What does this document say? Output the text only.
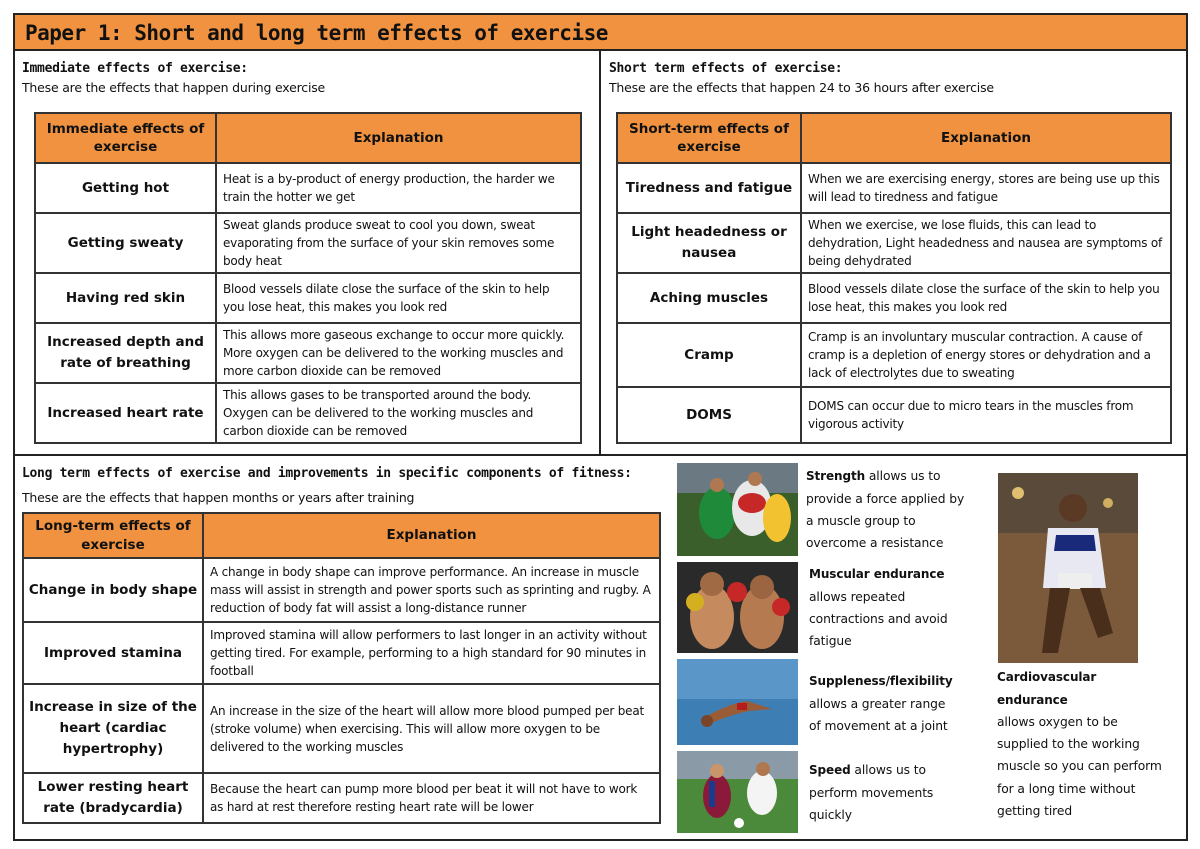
Paper 1: Short and long term effects of exercise
Immediate effects of exercise:
These are the effects that happen during exercise
Immediate effects of exercise	Explanation
Getting hot	Heat is a by-product of energy production, the harder we train the hotter we get
Getting sweaty	Sweat glands produce sweat to cool you down, sweat evaporating from the surface of your skin removes some body heat
Having red skin	Blood vessels dilate close the surface of the skin to help you lose heat, this makes you look red
Increased depth and rate of breathing	This allows more gaseous exchange to occur more quickly. More oxygen can be delivered to the working muscles and more carbon dioxide can be removed
Increased heart rate	This allows gases to be transported around the body. Oxygen can be delivered to the working muscles and carbon dioxide can be removed
Short term effects of exercise:
These are the effects that happen 24 to 36 hours after exercise
Short-term effects of exercise	Explanation
Tiredness and fatigue	When we are exercising energy, stores are being use up this will lead to tiredness and fatigue
Light headedness or nausea	When we exercise, we lose fluids, this can lead to dehydration, Light headedness and nausea are symptoms of being dehydrated
Aching muscles	Blood vessels dilate close the surface of the skin to help you lose heat, this makes you look red
Cramp	Cramp is an involuntary muscular contraction. A cause of cramp is a depletion of energy stores or dehydration and a lack of electrolytes due to sweating
DOMS	DOMS can occur due to micro tears in the muscles from vigorous activity
Long term effects of exercise and improvements in specific components of fitness:
These are the effects that happen months or years after training
Long-term effects of exercise	Explanation
Change in body shape	A change in body shape can improve performance. An increase in muscle mass will assist in strength and power sports such as sprinting and rugby. A reduction of body fat will assist a long-distance runner
Improved stamina	Improved stamina will allow performers to last longer in an activity without getting tired. For example, performing to a high standard for 90 minutes in football
Increase in size of the heart (cardiac hypertrophy)	An increase in the size of the heart will allow more blood pumped per beat (stroke volume) when exercising. This will allow more oxygen to be delivered to the working muscles
Lower resting heart rate (bradycardia)	Because the heart can pump more blood per beat it will not have to work as hard at rest therefore resting heart rate will be lower
Strength allows us to provide a force applied by a muscle group to overcome a resistance
Muscular endurance
allows repeated contractions and avoid fatigue
Suppleness/flexibility
allows a greater range of movement at a joint
Speed allows us to perform movements quickly
Cardiovascular endurance
allows oxygen to be supplied to the working muscle so you can perform for a long time without getting tired
